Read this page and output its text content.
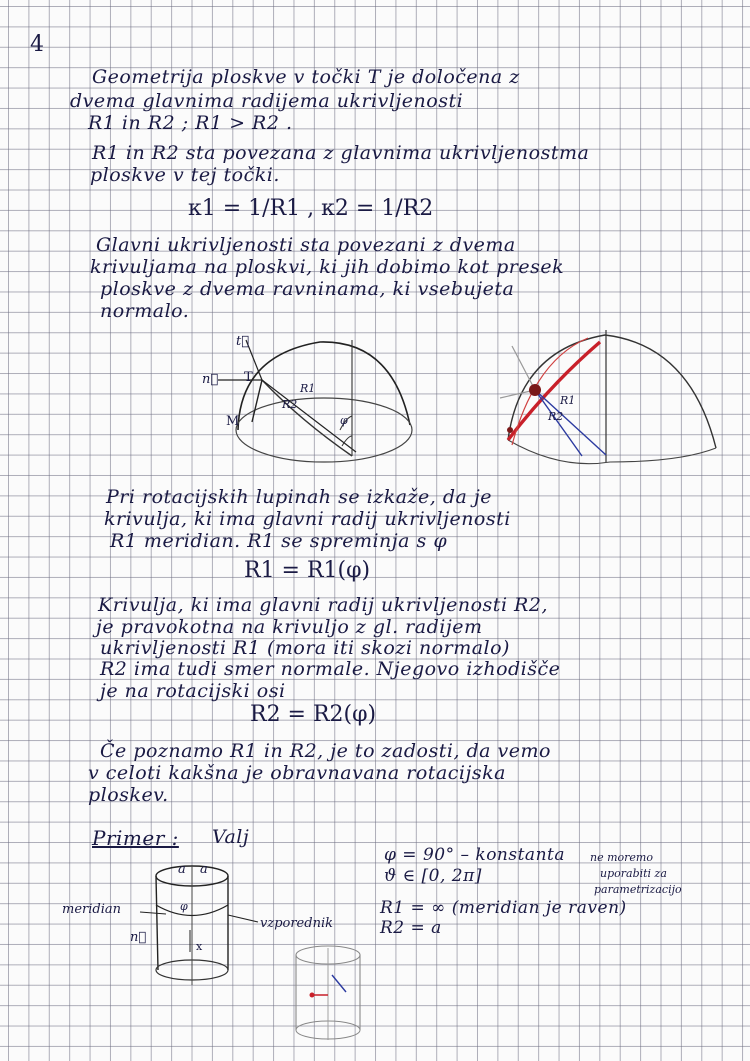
4
Geometrija ploskve v točki T je določena z
dvema glavnima radijema ukrivljenosti
R1 in R2 ; R1 > R2 .
R1 in R2 sta povezana z glavnima ukrivljenostma
ploskve v tej točki.
κ1 = 1/R1 , κ2 = 1/R2
Glavni ukrivljenosti sta povezani z dvema
krivuljama na ploskvi, ki jih dobimo kot presek
ploskve z dvema ravninama, ki vsebujeta
normalo.
t⃗
n⃗ T
M
R1
R2
φ
R1
R2
Pri rotacijskih lupinah se izkaže, da je
krivulja, ki ima glavni radij ukrivljenosti
R1 meridian. R1 se spreminja s φ
R1 = R1(φ)
Krivulja, ki ima glavni radij ukrivljenosti R2,
je pravokotna na krivuljo z gl. radijem
ukrivljenosti R1 (mora iti skozi normalo)
R2 ima tudi smer normale. Njegovo izhodišče
je na rotacijski osi
R2 = R2(φ)
Če poznamo R1 in R2, je to zadosti, da vemo
v celoti kakšna je obravnavana rotacijska
ploskev.
Primer : Valj
φ = 90° – konstanta
ϑ ∈ [0, 2π]
ne moremo
uporabiti za
parametrizacijo
R1 = ∞ (meridian je raven)
R2 = a
a a
meridian	φ
n⃗
x
vzporednik
